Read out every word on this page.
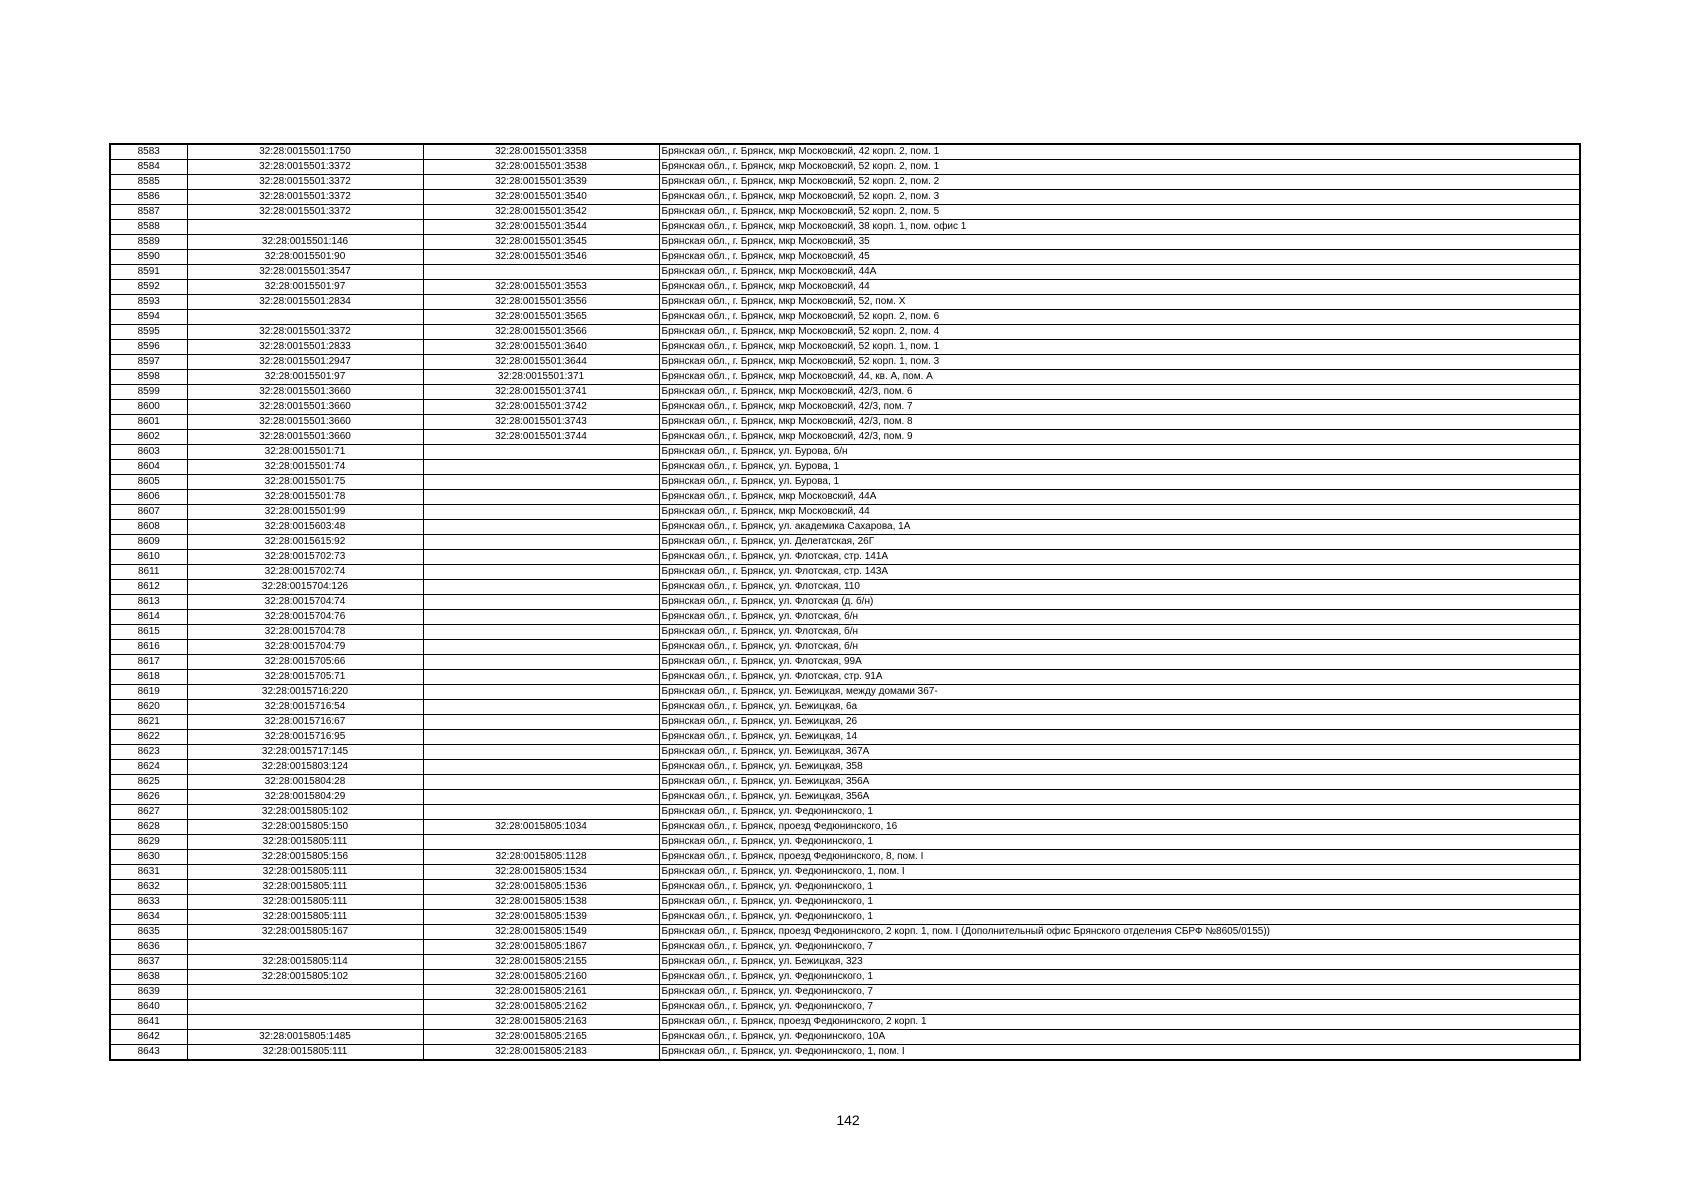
8583	32:28:0015501:1750	32:28:0015501:3358	Брянская обл., г. Брянск, мкр Московский, 42 корп. 2, пом. 1
8584	32:28:0015501:3372	32:28:0015501:3538	Брянская обл., г. Брянск, мкр Московский, 52 корп. 2, пом. 1
8585	32:28:0015501:3372	32:28:0015501:3539	Брянская обл., г. Брянск, мкр Московский, 52 корп. 2, пом. 2
8586	32:28:0015501:3372	32:28:0015501:3540	Брянская обл., г. Брянск, мкр Московский, 52 корп. 2, пом. 3
8587	32:28:0015501:3372	32:28:0015501:3542	Брянская обл., г. Брянск, мкр Московский, 52 корп. 2, пом. 5
8588		32:28:0015501:3544	Брянская обл., г. Брянск, мкр Московский, 38 корп. 1, пом. офис 1
8589	32:28:0015501:146	32:28:0015501:3545	Брянская обл., г. Брянск, мкр Московский, 35
8590	32:28:0015501:90	32:28:0015501:3546	Брянская обл., г. Брянск, мкр Московский, 45
8591	32:28:0015501:3547		Брянская обл., г. Брянск, мкр Московский, 44А
8592	32:28:0015501:97	32:28:0015501:3553	Брянская обл., г. Брянск, мкр Московский, 44
8593	32:28:0015501:2834	32:28:0015501:3556	Брянская обл., г. Брянск, мкр Московский, 52, пом. X
8594		32:28:0015501:3565	Брянская обл., г. Брянск, мкр Московский, 52 корп. 2, пом. 6
8595	32:28:0015501:3372	32:28:0015501:3566	Брянская обл., г. Брянск, мкр Московский, 52 корп. 2, пом. 4
8596	32:28:0015501:2833	32:28:0015501:3640	Брянская обл., г. Брянск, мкр Московский, 52 корп. 1, пом. 1
8597	32:28:0015501:2947	32:28:0015501:3644	Брянская обл., г. Брянск, мкр Московский, 52 корп. 1, пом. 3
8598	32:28:0015501:97	32:28:0015501:371	Брянская обл., г. Брянск, мкр Московский, 44, кв. А, пом. А
8599	32:28:0015501:3660	32:28:0015501:3741	Брянская обл., г. Брянск, мкр Московский, 42/3, пом. 6
8600	32:28:0015501:3660	32:28:0015501:3742	Брянская обл., г. Брянск, мкр Московский, 42/3, пом. 7
8601	32:28:0015501:3660	32:28:0015501:3743	Брянская обл., г. Брянск, мкр Московский, 42/3, пом. 8
8602	32:28:0015501:3660	32:28:0015501:3744	Брянская обл., г. Брянск, мкр Московский, 42/3, пом. 9
8603	32:28:0015501:71		Брянская обл., г. Брянск, ул. Бурова, б/н
8604	32:28:0015501:74		Брянская обл., г. Брянск, ул. Бурова, 1
8605	32:28:0015501:75		Брянская обл., г. Брянск, ул. Бурова, 1
8606	32:28:0015501:78		Брянская обл., г. Брянск, мкр Московский, 44А
8607	32:28:0015501:99		Брянская обл., г. Брянск, мкр Московский, 44
8608	32:28:0015603:48		Брянская обл., г. Брянск, ул. академика Сахарова, 1А
8609	32:28:0015615:92		Брянская обл., г. Брянск, ул. Делегатская, 26Г
8610	32:28:0015702:73		Брянская обл., г. Брянск, ул. Флотская, стр. 141А
8611	32:28:0015702:74		Брянская обл., г. Брянск, ул. Флотская, стр. 143А
8612	32:28:0015704:126		Брянская обл., г. Брянск, ул. Флотская, 110
8613	32:28:0015704:74		Брянская обл., г. Брянск, ул. Флотская (д. б/н)
8614	32:28:0015704:76		Брянская обл., г. Брянск, ул. Флотская, б/н
8615	32:28:0015704:78		Брянская обл., г. Брянск, ул. Флотская, б/н
8616	32:28:0015704:79		Брянская обл., г. Брянск, ул. Флотская, б/н
8617	32:28:0015705:66		Брянская обл., г. Брянск, ул. Флотская, 99А
8618	32:28:0015705:71		Брянская обл., г. Брянск, ул. Флотская, стр. 91А
8619	32:28:0015716:220		Брянская обл., г. Брянск, ул. Бежицкая, между домами 367-
8620	32:28:0015716:54		Брянская обл., г. Брянск, ул. Бежицкая, 6а
8621	32:28:0015716:67		Брянская обл., г. Брянск, ул. Бежицкая, 26
8622	32:28:0015716:95		Брянская обл., г. Брянск, ул. Бежицкая, 14
8623	32:28:0015717:145		Брянская обл., г. Брянск, ул. Бежицкая, 367А
8624	32:28:0015803:124		Брянская обл., г. Брянск, ул. Бежицкая, 358
8625	32:28:0015804:28		Брянская обл., г. Брянск, ул. Бежицкая, 356А
8626	32:28:0015804:29		Брянская обл., г. Брянск, ул. Бежицкая, 356А
8627	32:28:0015805:102		Брянская обл., г. Брянск, ул. Федюнинского, 1
8628	32:28:0015805:150	32:28:0015805:1034	Брянская обл., г. Брянск, проезд Федюнинского, 16
8629	32:28:0015805:111		Брянская обл., г. Брянск, ул. Федюнинского, 1
8630	32:28:0015805:156	32:28:0015805:1128	Брянская обл., г. Брянск, проезд Федюнинского, 8, пом. I
8631	32:28:0015805:111	32:28:0015805:1534	Брянская обл., г. Брянск, ул. Федюнинского, 1, пом. I
8632	32:28:0015805:111	32:28:0015805:1536	Брянская обл., г. Брянск, ул. Федюнинского, 1
8633	32:28:0015805:111	32:28:0015805:1538	Брянская обл., г. Брянск, ул. Федюнинского, 1
8634	32:28:0015805:111	32:28:0015805:1539	Брянская обл., г. Брянск, ул. Федюнинского, 1
8635	32:28:0015805:167	32:28:0015805:1549	Брянская обл., г. Брянск, проезд Федюнинского, 2 корп. 1, пом. I (Дополнительный офис Брянского отделения СБРФ №8605/0155))
8636		32:28:0015805:1867	Брянская обл., г. Брянск, ул. Федюнинского, 7
8637	32:28:0015805:114	32:28:0015805:2155	Брянская обл., г. Брянск, ул. Бежицкая, 323
8638	32:28:0015805:102	32:28:0015805:2160	Брянская обл., г. Брянск, ул. Федюнинского, 1
8639		32:28:0015805:2161	Брянская обл., г. Брянск, ул. Федюнинского, 7
8640		32:28:0015805:2162	Брянская обл., г. Брянск, ул. Федюнинского, 7
8641		32:28:0015805:2163	Брянская обл., г. Брянск, проезд Федюнинского, 2 корп. 1
8642	32:28:0015805:1485	32:28:0015805:2165	Брянская обл., г. Брянск, ул. Федюнинского, 10А
8643	32:28:0015805:111	32:28:0015805:2183	Брянская обл., г. Брянск, ул. Федюнинского, 1, пом. I
142
